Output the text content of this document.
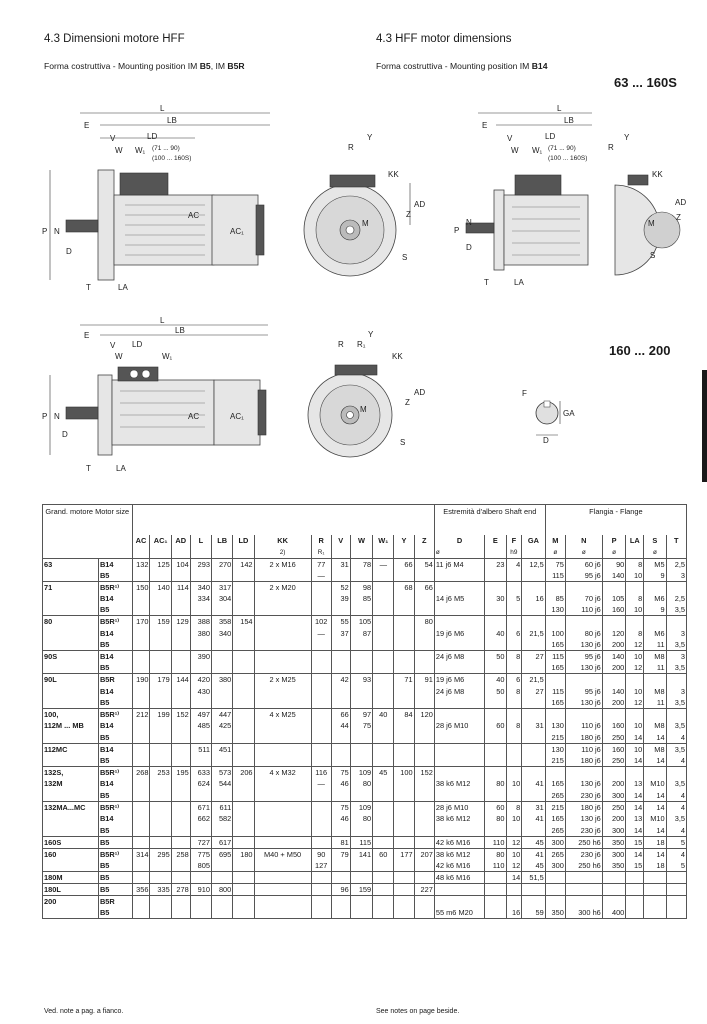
4.3 Dimensioni motore HFF	4.3 HFF motor dimensions
Forma costruttiva - Mounting position IM B5, IM B5R	Forma costruttiva - Mounting position IM B14
63 ... 160S
160 ... 200
L
LB
E
V	LD
W W₁ (71 ... 90)
(100 ... 160S)
AC
AC₁
P N
D
T	LA
R
Y
KK
M
S
Z
AD
L
LB
E
V	LD
W W₁ (71 ... 90)
(100 ... 160S)
P
N
D
T	LA
R
Y
KK
AD
Z
M
S
L
LB
E
V LD
W	W₁
AC	AC₁
P N
D
T	LA
R R₁
Y
KK
M
S
Z
AD	F
GA
D
Grand. motore Motor size															Estremità d'albero Shaft end				Flangia - Flange					
		AC	AC₁	AD	L	LB	LD	KK	R	V	W	W₁	Y	Z	D	E	F	GA	M	N	P	LA	S	T
								2)	R₁						ø		h9		ø	ø	ø		ø	
63	B14	132	125	104	293	270	142	2 x M16	77	31	78	—	66	54	11 j6 M4	23	4	12,5	75	60 j6	90	8	M5	2,5
	B5								—										115	95 j6	140	10	9	3
71	B5R¹⁾	150	140	114	340	317		2 x M20		52	98		68	66										
	B14				334	304				39	85				14 j6 M5	30	5	16	85	70 j6	105	8	M6	2,5
	B5																		130	110 j6	160	10	9	3,5
80	B5R¹⁾	170	159	129	388	358	154		102	55	105			80										
	B14				380	340			—	37	87				19 j6 M6	40	6	21,5	100	80 j6	120	8	M6	3
	B5																		165	130 j6	200	12	11	3,5
90S	B14				390										24 j6 M8	50	8	27	115	95 j6	140	10	M8	3
	B5																		165	130 j6	200	12	11	3,5
90L	B5R	190	179	144	420	380		2 x M25		42	93		71	91	19 j6 M6	40	6	21,5						
	B14				430										24 j6 M8	50	8	27	115	95 j6	140	10	M8	3
	B5																		165	130 j6	200	12	11	3,5
100,	B5R¹⁾	212	199	152	497	447		4 x M25		66	97	40	84	120										
112M ... MB	B14				485	425				44	75				28 j6 M10	60	8	31	130	110 j6	160	10	M8	3,5
	B5																		215	180 j6	250	14	14	4
112MC	B14				511	451													130	110 j6	160	10	M8	3,5
	B5																		215	180 j6	250	14	14	4
132S,	B5R¹⁾	268	253	195	633	573	206	4 x M32	116	75	109	45	100	152										
132M	B14				624	544			—	46	80				38 k6 M12	80	10	41	165	130 j6	200	13	M10	3,5
	B5																		265	230 j6	300	14	14	4
132MA...MC	B5R¹⁾				671	611				75	109				28 j6 M10	60	8	31	215	180 j6	250	14	14	4
	B14				662	582				46	80				38 k6 M12	80	10	41	165	130 j6	200	13	M10	3,5
	B5																		265	230 j6	300	14	14	4
160S	B5				727	617				81	115				42 k6 M16	110	12	45	300	250 h6	350	15	18	5
160	B5R¹⁾	314	295	258	775	695	180	M40 + M50	90	79	141	60	177	207	38 k6 M12	80	10	41	265	230 j6	300	14	14	4
	B5				805				127						42 k6 M16	110	12	45	300	250 h6	350	15	18	5
180M	B5														48 k6 M16		14	51,5						
180L	B5	356	335	278	910	800				96	159			227										
200	B5R																							
	B5														55 m6 M20		16	59	350	300 h6	400			
Ved. note a pag. a fianco.	See notes on page beside.
